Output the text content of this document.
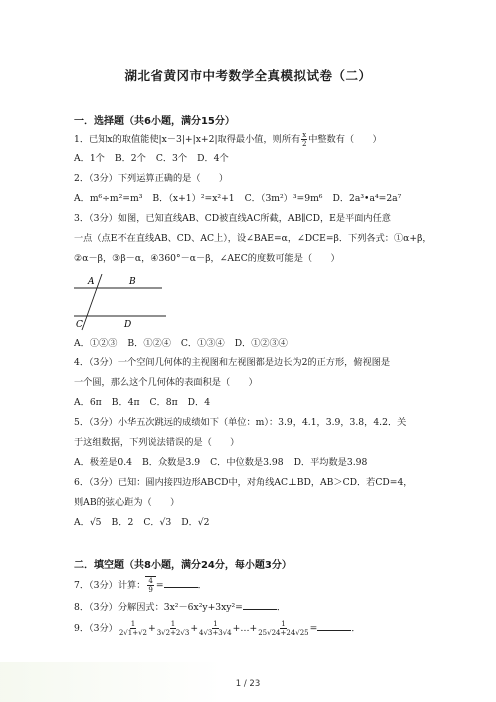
湖北省黄冈市中考数学全真模拟试卷（二）
一．选择题（共6小题，满分15分）
1．已知x的取值能使|x－3|+|x+2|取得最小值，则所有 $\frac{x}{2}$ 中整数有（　　）
A．1个 B．2个 C．3个 D．4个
2．（3分）下列运算正确的是（　　）
A．m⁶÷m²=m³ B．（x+1）²=x²+1 C．（3m²）³=9m⁶ D．2a³•a⁴=2a⁷
3．（3分）如图，已知直线AB、CD被直线AC所截，AB∥CD，E是平面内任意
一点（点E不在直线AB、CD、AC上），设∠BAE=α，∠DCE=β．下列各式：①α+β，
②α－β，③β－α，④360°－α－β，∠AEC的度数可能是（　　）
A	B
C	D
A．①②③ B．①②④ C．①③④ D．①②③④
4．（3分）一个空间几何体的主视图和左视图都是边长为2的正方形，俯视图是
一个圆，那么这个几何体的表面积是（　　）
A．6π B．4π C．8π D．4
5．（3分）小华五次跳远的成绩如下（单位：m）：3.9，4.1，3.9，3.8，4.2．关
于这组数据，下列说法错误的是（　　）
A．极差是0.4 B．众数是3.9 C．中位数是3.98 D．平均数是3.98
6．（3分）已知：圆内接四边形ABCD中，对角线AC⊥BD，AB＞CD．若CD=4，
则AB的弦心距为（　　）
A．√5 B．2 C．√3 D．√2
二．填空题（共8小题，满分24分，每小题3分）
7．（3分）计算： $\frac{4}{9}$ =	．
8．（3分）分解因式：3x²－6x²y+3xy²=	．
9．（3分） $\frac{1}{2√1+√2} + \frac{1}{3√2+2√3} + \frac{1}{4√3+3√4}$ +…+ $\frac{1}{25√24+24√25}$ =	．
1 / 23
